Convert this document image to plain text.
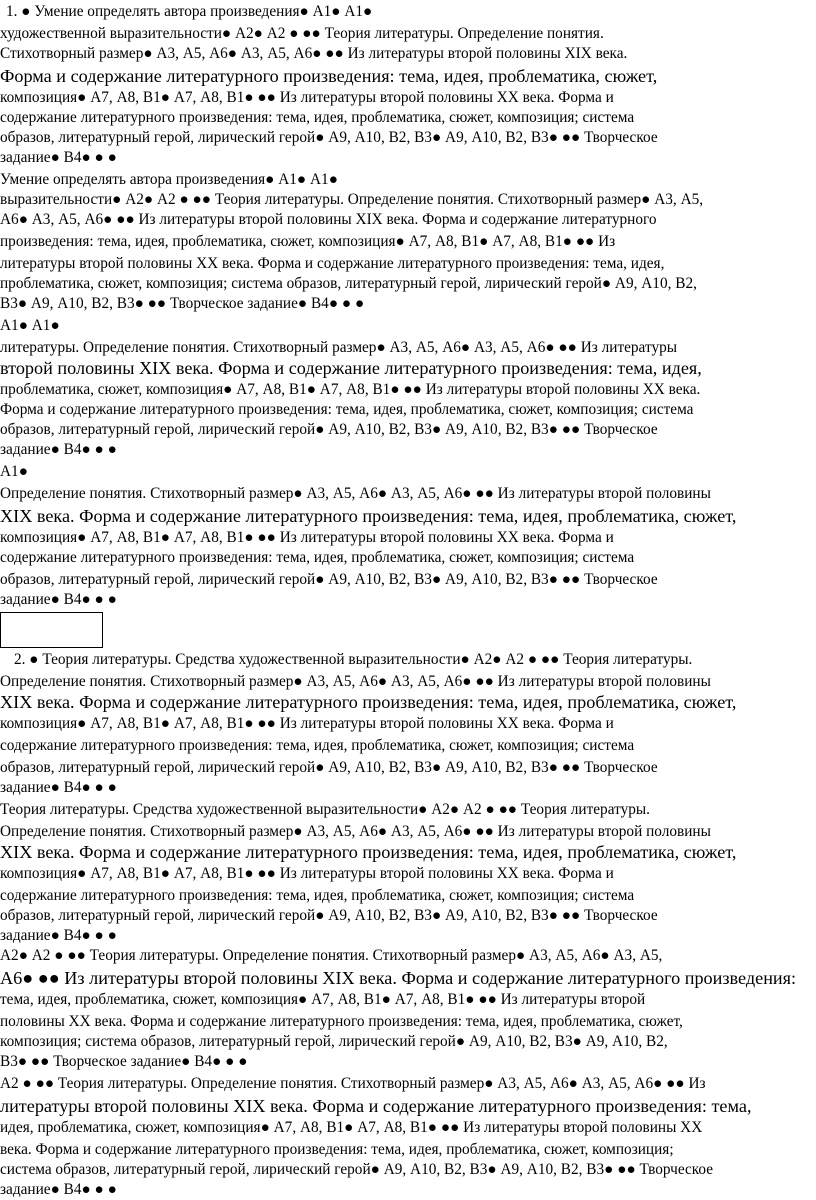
1. ● Умение определять автора произведения● А1● А1●
художественной выразительности● А2● А2 ● ●● Теория литературы. Определение понятия.
Стихотворный размер● А3, А5, А6● А3, А5, А6● ●● Из литературы второй половины XIX века.
Форма и содержание литературного произведения: тема, идея, проблематика, сюжет,
композиция● А7, А8, В1● А7, А8, В1● ●● Из литературы второй половины XX века. Форма и
содержание литературного произведения: тема, идея, проблематика, сюжет, композиция; система
образов, литературный герой, лирический герой● А9, А10, В2, В3● А9, А10, В2, В3● ●● Творческое
задание● В4● ● ●
Умение определять автора произведения● А1● А1●
выразительности● А2● А2 ● ●● Теория литературы. Определение понятия. Стихотворный размер● А3, А5,
А6● А3, А5, А6● ●● Из литературы второй половины XIX века. Форма и содержание литературного
произведения: тема, идея, проблематика, сюжет, композиция● А7, А8, В1● А7, А8, В1● ●● Из
литературы второй половины XX века. Форма и содержание литературного произведения: тема, идея,
проблематика, сюжет, композиция; система образов, литературный герой, лирический герой● А9, А10, В2,
В3● А9, А10, В2, В3● ●● Творческое задание● В4● ● ●
А1● А1●
литературы. Определение понятия. Стихотворный размер● А3, А5, А6● А3, А5, А6● ●● Из литературы
второй половины XIX века. Форма и содержание литературного произведения: тема, идея,
проблематика, сюжет, композиция● А7, А8, В1● А7, А8, В1● ●● Из литературы второй половины XX века.
Форма и содержание литературного произведения: тема, идея, проблематика, сюжет, композиция; система
образов, литературный герой, лирический герой● А9, А10, В2, В3● А9, А10, В2, В3● ●● Творческое
задание● В4● ● ●
А1●
Определение понятия. Стихотворный размер● А3, А5, А6● А3, А5, А6● ●● Из литературы второй половины
XIX века. Форма и содержание литературного произведения: тема, идея, проблематика, сюжет,
композиция● А7, А8, В1● А7, А8, В1● ●● Из литературы второй половины XX века. Форма и
содержание литературного произведения: тема, идея, проблематика, сюжет, композиция; система
образов, литературный герой, лирический герой● А9, А10, В2, В3● А9, А10, В2, В3● ●● Творческое
задание● В4● ● ●
2. ● Теория литературы. Средства художественной выразительности● А2● А2 ● ●● Теория литературы.
Определение понятия. Стихотворный размер● А3, А5, А6● А3, А5, А6● ●● Из литературы второй половины
XIX века. Форма и содержание литературного произведения: тема, идея, проблематика, сюжет,
композиция● А7, А8, В1● А7, А8, В1● ●● Из литературы второй половины XX века. Форма и
содержание литературного произведения: тема, идея, проблематика, сюжет, композиция; система
образов, литературный герой, лирический герой● А9, А10, В2, В3● А9, А10, В2, В3● ●● Творческое
задание● В4● ● ●
Теория литературы. Средства художественной выразительности● А2● А2 ● ●● Теория литературы.
Определение понятия. Стихотворный размер● А3, А5, А6● А3, А5, А6● ●● Из литературы второй половины
XIX века. Форма и содержание литературного произведения: тема, идея, проблематика, сюжет,
композиция● А7, А8, В1● А7, А8, В1● ●● Из литературы второй половины XX века. Форма и
содержание литературного произведения: тема, идея, проблематика, сюжет, композиция; система
образов, литературный герой, лирический герой● А9, А10, В2, В3● А9, А10, В2, В3● ●● Творческое
задание● В4● ● ●
А2● А2 ● ●● Теория литературы. Определение понятия. Стихотворный размер● А3, А5, А6● А3, А5,
А6● ●● Из литературы второй половины XIX века. Форма и содержание литературного произведения:
тема, идея, проблематика, сюжет, композиция● А7, А8, В1● А7, А8, В1● ●● Из литературы второй
половины XX века. Форма и содержание литературного произведения: тема, идея, проблематика, сюжет,
композиция; система образов, литературный герой, лирический герой● А9, А10, В2, В3● А9, А10, В2,
В3● ●● Творческое задание● В4● ● ●
А2 ● ●● Теория литературы. Определение понятия. Стихотворный размер● А3, А5, А6● А3, А5, А6● ●● Из
литературы второй половины XIX века. Форма и содержание литературного произведения: тема,
идея, проблематика, сюжет, композиция● А7, А8, В1● А7, А8, В1● ●● Из литературы второй половины XX
века. Форма и содержание литературного произведения: тема, идея, проблематика, сюжет, композиция;
система образов, литературный герой, лирический герой● А9, А10, В2, В3● А9, А10, В2, В3● ●● Творческое
задание● В4● ● ●
